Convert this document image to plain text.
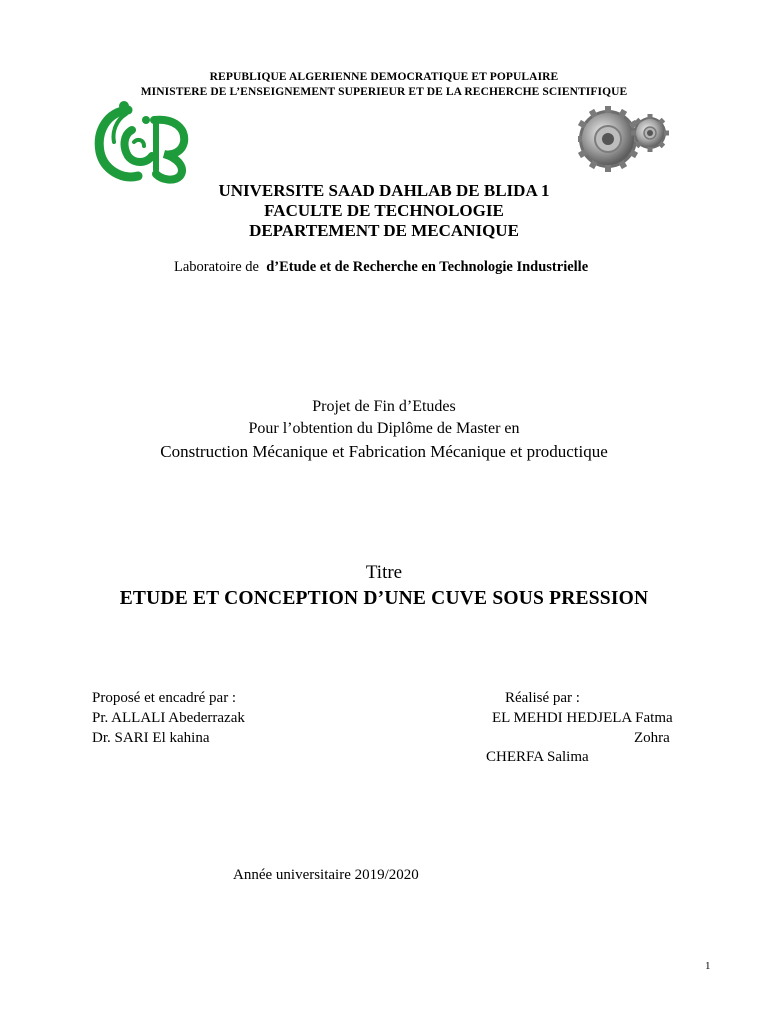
REPUBLIQUE ALGERIENNE DEMOCRATIQUE ET POPULAIRE
MINISTERE DE L’ENSEIGNEMENT SUPERIEUR ET DE LA RECHERCHE SCIENTIFIQUE
UNIVERSITE SAAD DAHLAB DE BLIDA 1
FACULTE DE TECHNOLOGIE
DEPARTEMENT DE MECANIQUE
Laboratoire de d’Etude et de Recherche en Technologie Industrielle
Projet de Fin d’Etudes
Pour l’obtention du Diplôme de Master en
Construction Mécanique et Fabrication Mécanique et productique
Titre
ETUDE ET CONCEPTION D’UNE CUVE SOUS PRESSION
Proposé et encadré par :
Pr. ALLALI Abederrazak
Dr. SARI El kahina
Réalisé par :
EL MEHDI HEDJELA Fatma
Zohra
CHERFA Salima
Année universitaire 2019/2020
1
